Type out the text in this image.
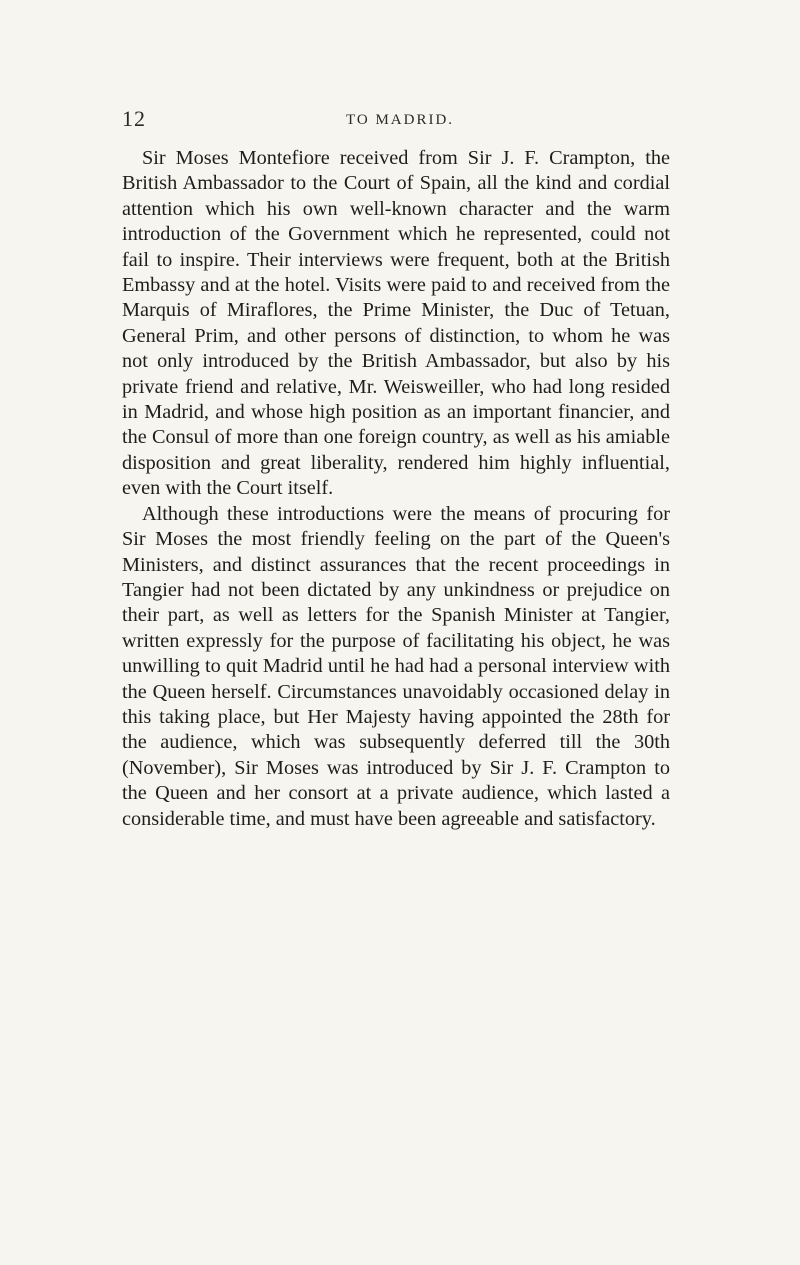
12	TO MADRID.

Sir Moses Montefiore received from Sir J. F. Crampton, the British Ambassador to the Court of Spain, all the kind and cordial attention which his own well-known character and the warm introduction of the Government which he represented, could not fail to inspire. Their interviews were frequent, both at the British Embassy and at the hotel. Visits were paid to and received from the Marquis of Miraflores, the Prime Minister, the Duc of Tetuan, General Prim, and other persons of distinction, to whom he was not only introduced by the British Ambassador, but also by his private friend and relative, Mr. Weisweiller, who had long resided in Madrid, and whose high position as an important financier, and the Consul of more than one foreign country, as well as his amiable disposition and great liberality, rendered him highly influential, even with the Court itself.

Although these introductions were the means of procuring for Sir Moses the most friendly feeling on the part of the Queen's Ministers, and distinct assurances that the recent proceedings in Tangier had not been dictated by any unkindness or prejudice on their part, as well as letters for the Spanish Minister at Tangier, written expressly for the purpose of facilitating his object, he was unwilling to quit Madrid until he had had a personal interview with the Queen herself. Circumstances unavoidably occasioned delay in this taking place, but Her Majesty having appointed the 28th for the audience, which was subsequently deferred till the 30th (November), Sir Moses was introduced by Sir J. F. Crampton to the Queen and her consort at a private audience, which lasted a considerable time, and must have been agreeable and satisfactory.
